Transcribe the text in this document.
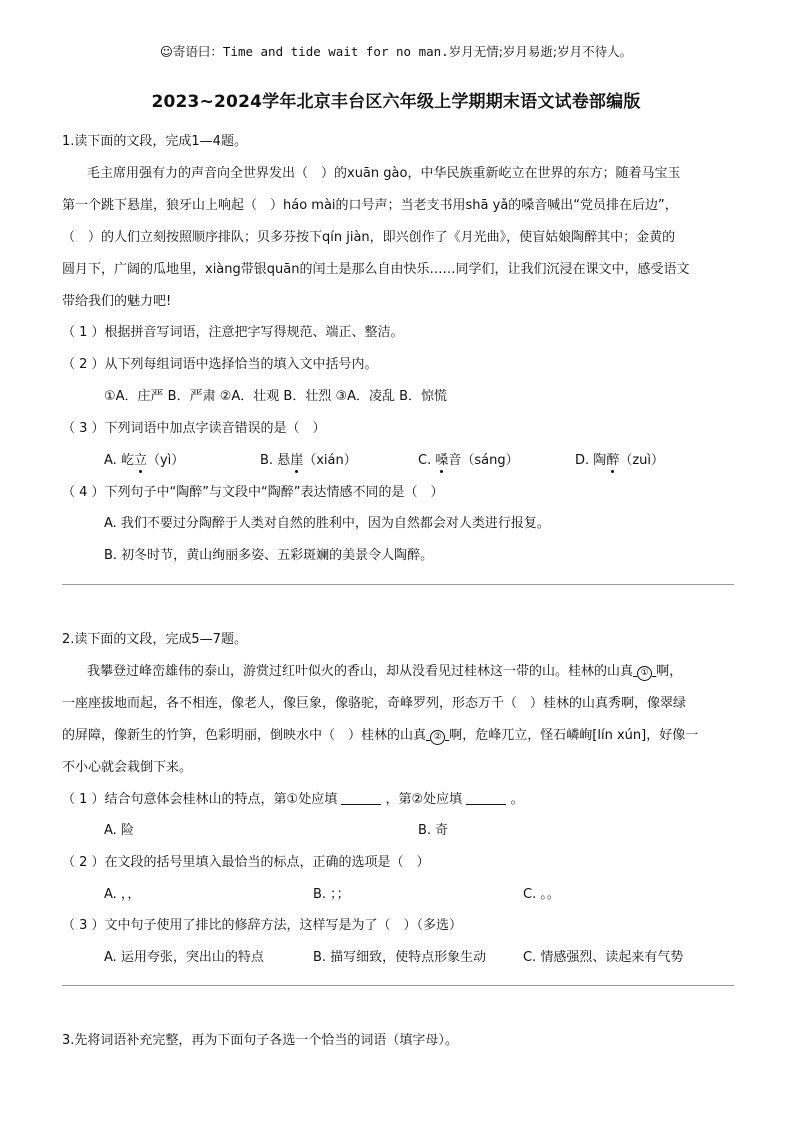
☺寄语曰：Time and tide wait for no man.岁月无情;岁月易逝;岁月不待人。
2023~2024学年北京丰台区六年级上学期期末语文试卷部编版
1.读下面的文段，完成1—4题。
毛主席用强有力的声音向全世界发出（　）的xuān gào，中华民族重新屹立在世界的东方；随着马宝玉
第一个跳下悬崖，狼牙山上响起（　）háo mài的口号声；当老支书用shā yǎ的嗓音喊出“党员排在后边”，
（　）的人们立刻按照顺序排队；贝多芬按下qín jiàn，即兴创作了《月光曲》，使盲姑娘陶醉其中；金黄的
圆月下，广阔的瓜地里，xiàng带银quān的闰土是那么自由快乐……同学们，让我们沉浸在课文中，感受语文
带给我们的魅力吧!
（ 1 ）根据拼音写词语，注意把字写得规范、端正、整洁。
（ 2 ）从下列每组词语中选择恰当的填入文中括号内。
①A．庄严 B．严肃 ②A．壮观 B．壮烈 ③A．凌乱 B．惊慌
（ 3 ）下列词语中加点字读音错误的是（　）
A. 屹立（yì）	B. 悬崖（xián）	C. 嗓音（sáng）	D. 陶醉（zuì）
（ 4 ）下列句子中“陶醉”与文段中“陶醉”表达情感不同的是（　）
A. 我们不要过分陶醉于人类对自然的胜利中，因为自然都会对人类进行报复。
B. 初冬时节，黄山绚丽多姿、五彩斑斓的美景令人陶醉。
2.读下面的文段，完成5—7题。
我攀登过峰峦雄伟的泰山，游赏过红叶似火的香山，却从没看见过桂林这一带的山。桂林的山真 ① 啊，
一座座拔地而起，各不相连，像老人，像巨象，像骆驼，奇峰罗列，形态万千（　）桂林的山真秀啊，像翠绿
的屏障，像新生的竹笋，色彩明丽，倒映水中（　）桂林的山真 ② 啊，危峰兀立，怪石嶙峋[lín xún]，好像一
不小心就会栽倒下来。
（ 1 ）结合句意体会桂林山的特点，第①处应填	，第②处应填	。
A. 险	B. 奇
（ 2 ）在文段的括号里填入最恰当的标点，正确的选项是（　）
A. ，，	B. ；；	C. 。。
（ 3 ）文中句子使用了排比的修辞方法，这样写是为了（　）（多选）
A. 运用夸张，突出山的特点	B. 描写细致，使特点形象生动	C. 情感强烈、读起来有气势
3.先将词语补充完整，再为下面句子各选一个恰当的词语（填字母）。
